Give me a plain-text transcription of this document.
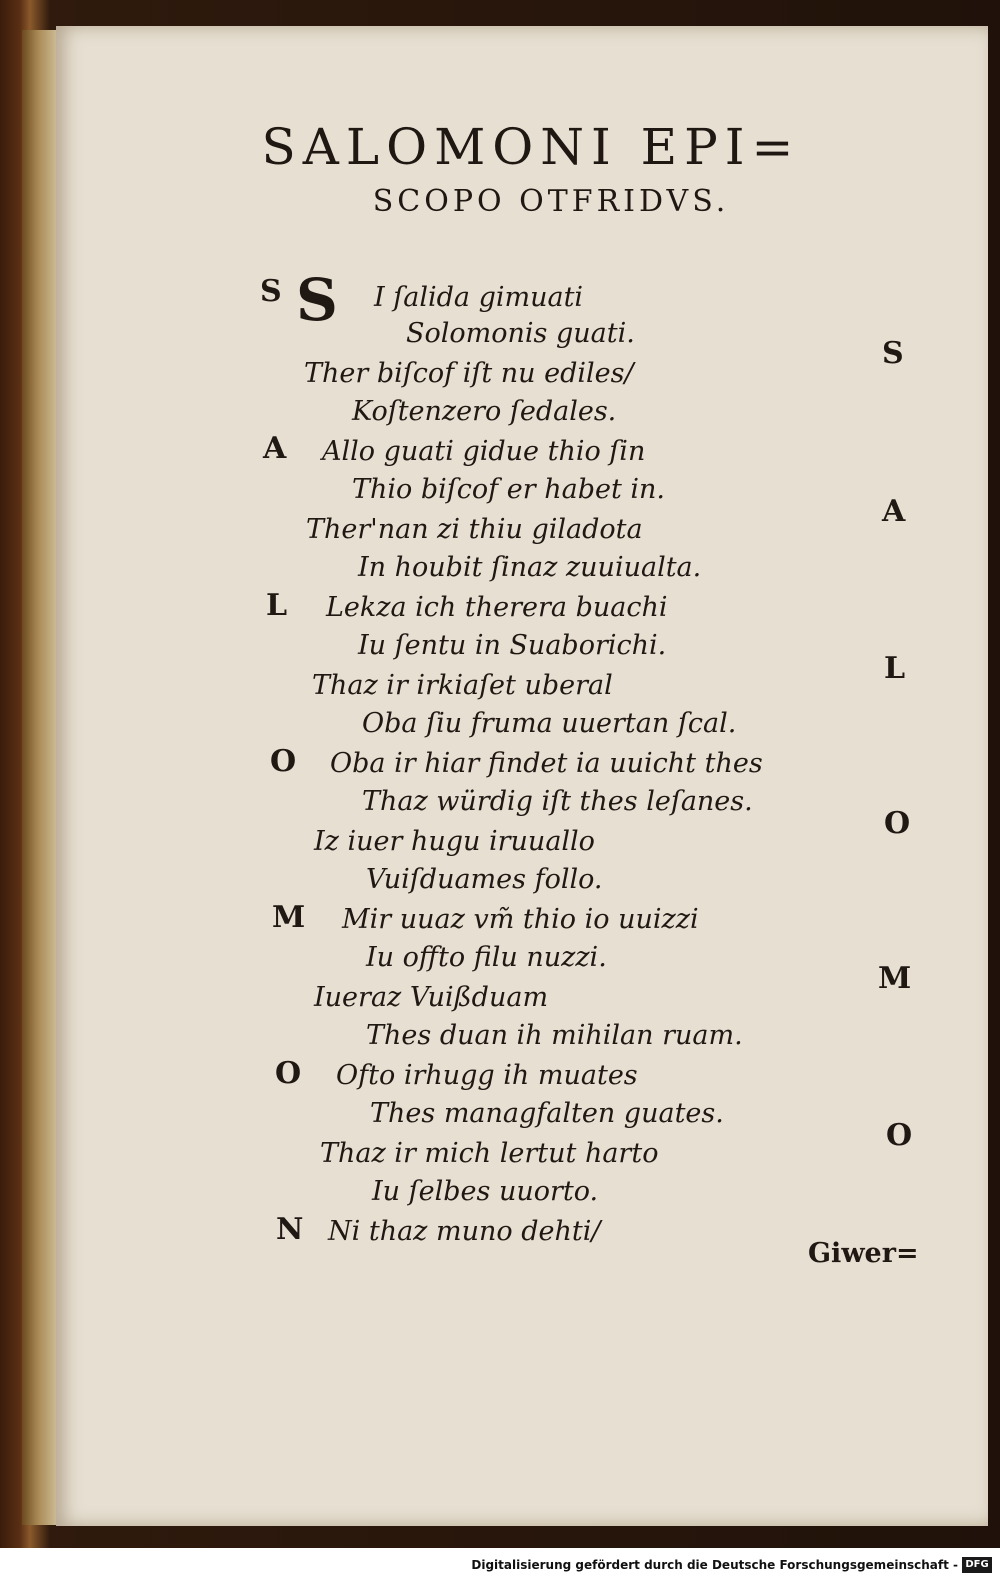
SALOMONI EPI=
SCOPO OTFRIDVS.
S
S
A
L
O
M
O
N
S
A
L
O
M
O
I ſalida gimuati
Solomonis guati.
Ther biſcof iſt nu ediles/
Koſtenzero ſedales.
Allo guati gidue thio ſin
Thio biſcof er habet in.
Ther'nan zi thiu giladota
In houbit ſinaz zuuiualta.
Lekza ich therera buachi
Iu ſentu in Suaborichi.
Thaz ir irkiaſet uberal
Oba ſiu fruma uuertan ſcal.
Oba ir hiar findet ia uuicht thes
Thaz würdig iſt thes leſanes.
Iz iuer hugu iruuallo
Vuiſduames follo.
Mir uuaz vm̃ thio io uuizzi
Iu offto filu nuzzi.
Iueraz Vuißduam
Thes duan ih mihilan ruam.
Ofto irhugg ih muates
Thes managfalten guates.
Thaz ir mich lertut harto
Iu ſelbes uuorto.
Ni thaz muno dehti/
Giwer=
Digitalisierung gefördert durch die Deutsche Forschungsgemeinschaft - DFG
